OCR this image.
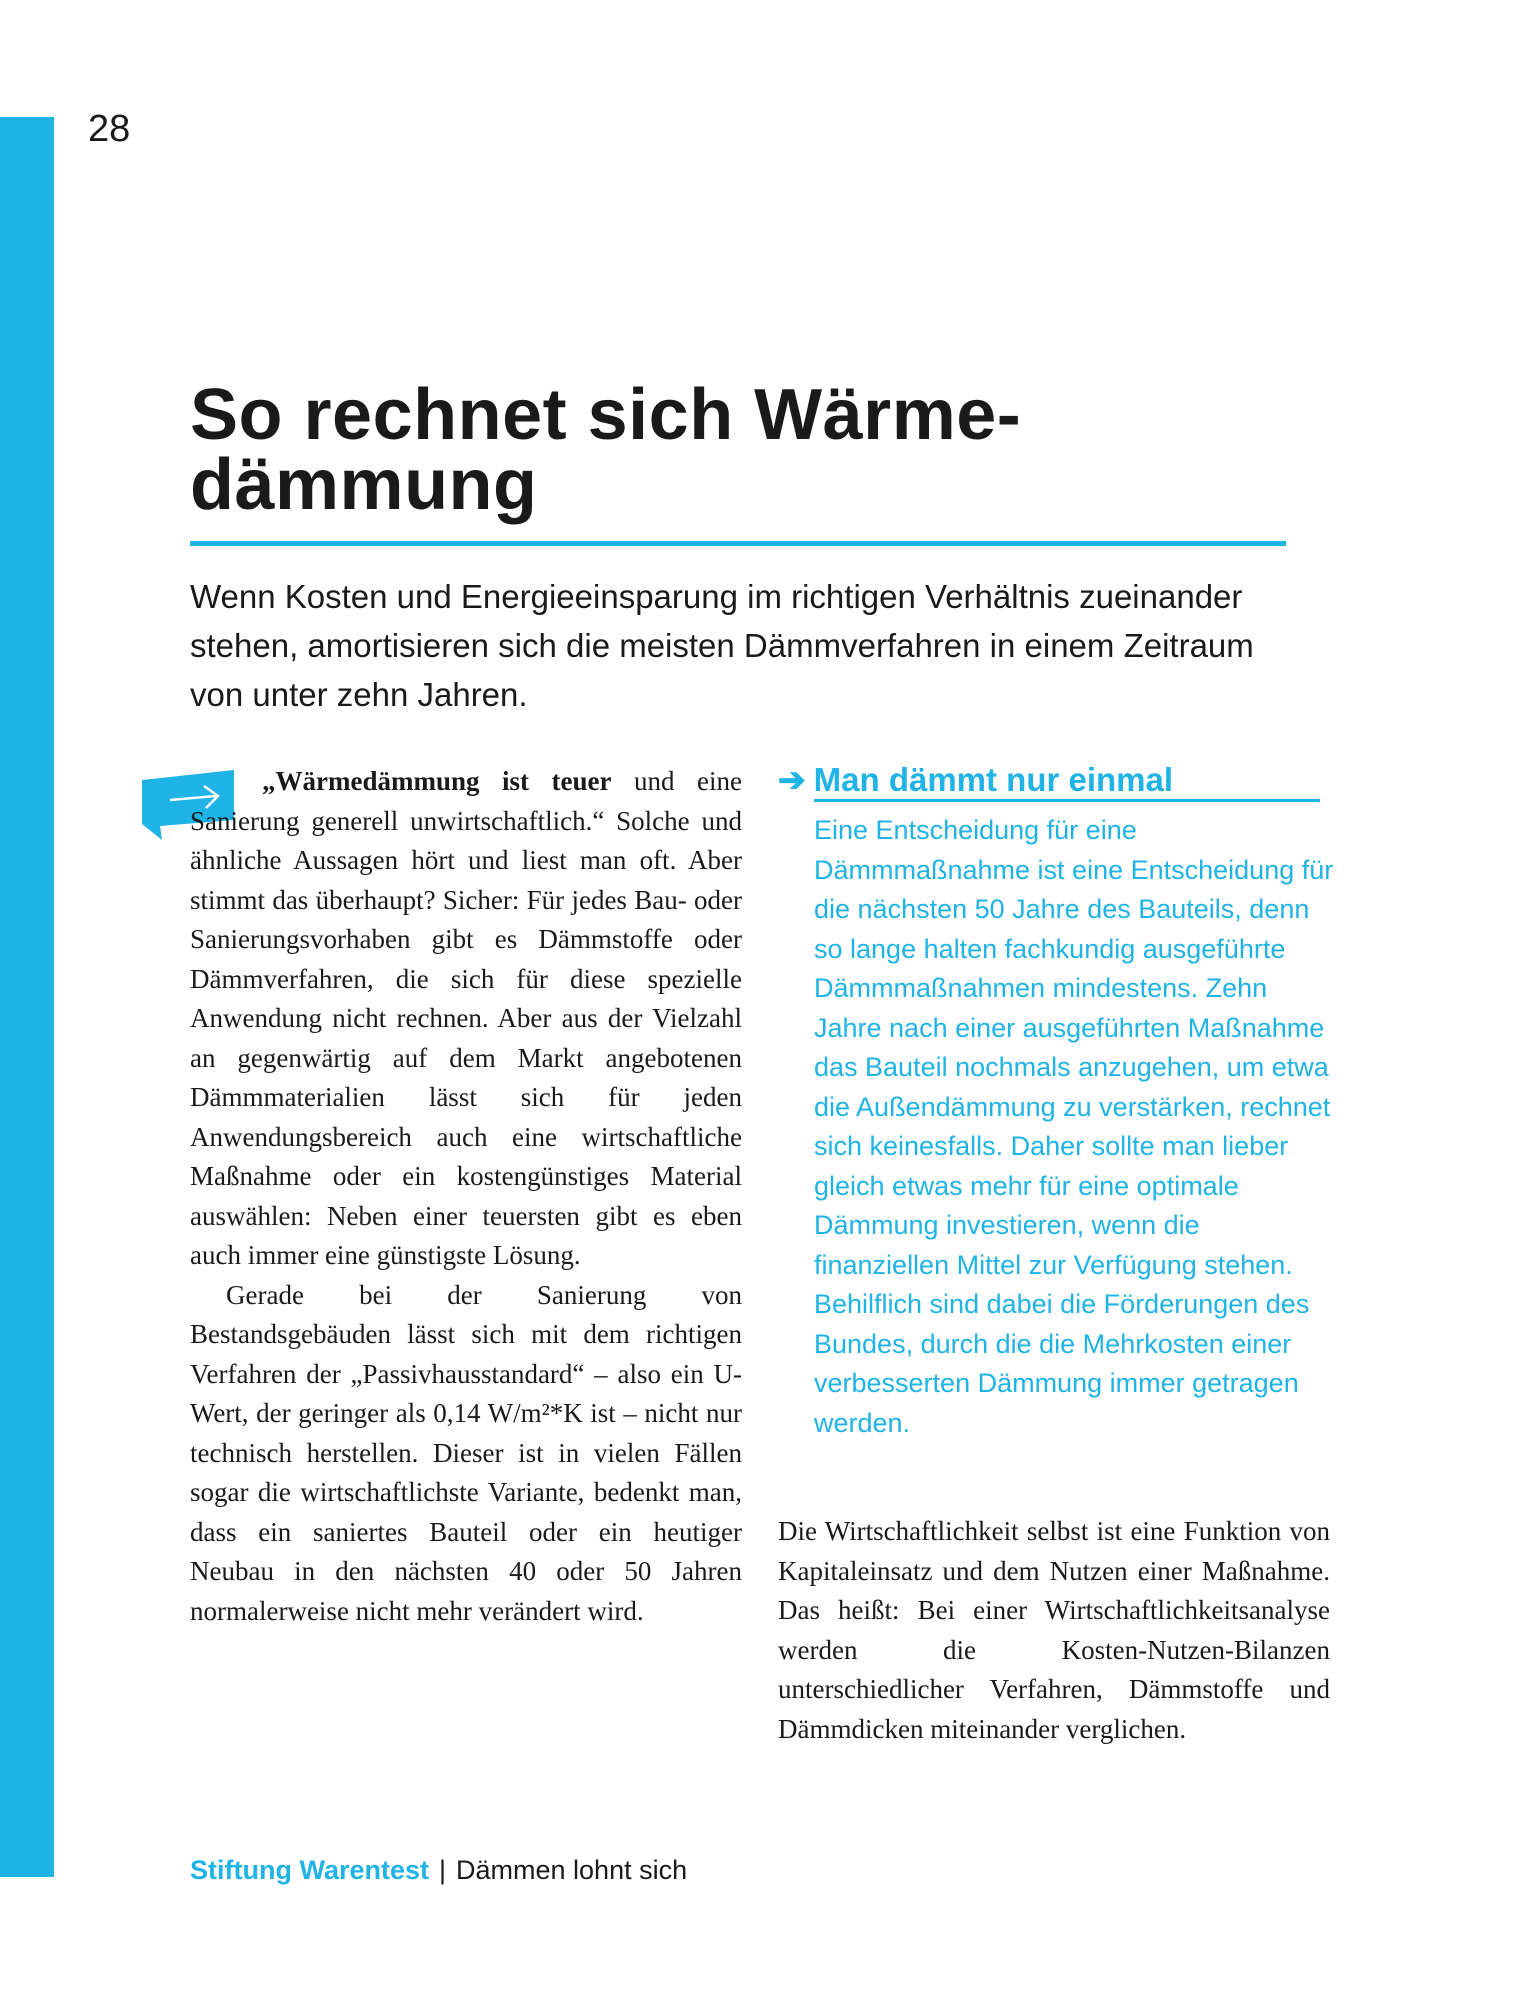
28
So rechnet sich Wärmedämmung

Wenn Kosten und Energieeinsparung im richtigen Verhältnis zueinander stehen, amortisieren sich die meisten Dämmverfahren in einem Zeitraum von unter zehn Jahren.

„Wärmedämmung ist teuer und eine Sanierung generell unwirtschaftlich.“ Solche und ähnliche Aussagen hört und liest man oft. Aber stimmt das überhaupt? Sicher: Für jedes Bau- oder Sanierungsvorhaben gibt es Dämmstoffe oder Dämmverfahren, die sich für diese spezielle Anwendung nicht rechnen. Aber aus der Vielzahl an gegenwärtig auf dem Markt angebotenen Dämmmaterialien lässt sich für jeden Anwendungsbereich auch eine wirtschaftliche Maßnahme oder ein kostengünstiges Material auswählen: Neben einer teuersten gibt es eben auch immer eine günstigste Lösung.

Gerade bei der Sanierung von Bestandsgebäuden lässt sich mit dem richtigen Verfahren der „Passivhausstandard“ – also ein U-Wert, der geringer als 0,14 W/m²*K ist – nicht nur technisch herstellen. Dieser ist in vielen Fällen sogar die wirtschaftlichste Variante, bedenkt man, dass ein saniertes Bauteil oder ein heutiger Neubau in den nächsten 40 oder 50 Jahren normalerweise nicht mehr verändert wird.

➔ Man dämmt nur einmal

Eine Entscheidung für eine Dämmmaßnahme ist eine Entscheidung für die nächsten 50 Jahre des Bauteils, denn so lange halten fachkundig ausgeführte Dämmmaßnahmen mindestens. Zehn Jahre nach einer ausgeführten Maßnahme das Bauteil nochmals anzugehen, um etwa die Außendämmung zu verstärken, rechnet sich keinesfalls. Daher sollte man lieber gleich etwas mehr für eine optimale Dämmung investieren, wenn die finanziellen Mittel zur Verfügung stehen. Behilflich sind dabei die Förderungen des Bundes, durch die die Mehrkosten einer verbesserten Dämmung immer getragen werden.

Die Wirtschaftlichkeit selbst ist eine Funktion von Kapitaleinsatz und dem Nutzen einer Maßnahme. Das heißt: Bei einer Wirtschaftlichkeitsanalyse werden die Kosten-Nutzen-Bilanzen unterschiedlicher Verfahren, Dämmstoffe und Dämmdicken miteinander verglichen.

Stiftung Warentest | Dämmen lohnt sich
